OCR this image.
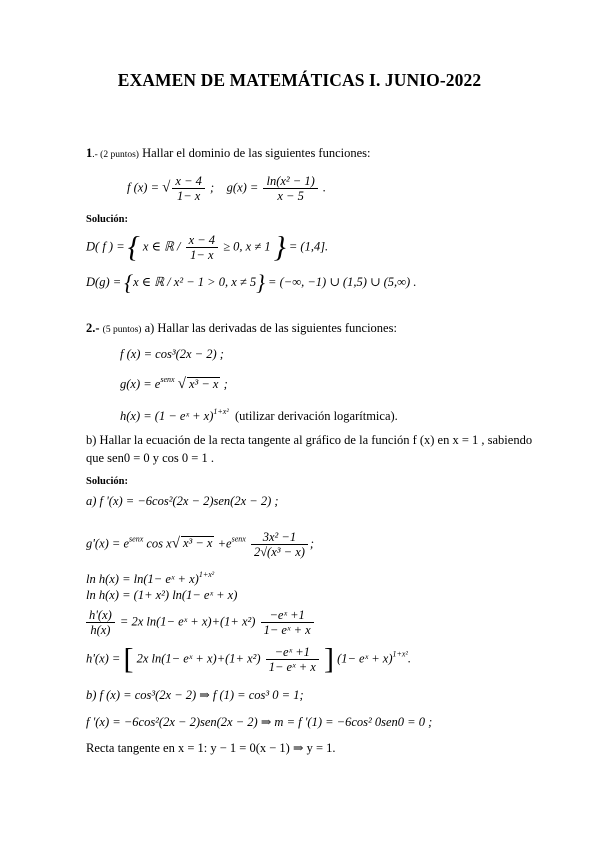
EXAMEN DE MATEMÁTICAS I. JUNIO-2022
1.- (2 puntos) Hallar el dominio de las siguientes funciones:
f (x) = √ $\frac{x - 4}{1- x}$ ; $g(x) = \frac{\text{ln(x² − 1)}}{x - 5}$ .
Solución:
D( f ) = { x ∈ ℝ / $\frac{x - 4}{1- x} \ge 0$, x ≠ 1 } = (1,4].
D(g) = {x ∈ ℝ / x² − 1 > 0, x ≠ 5} = (−∞, −1) ∪ (1,5) ∪ (5,∞) .
2.- (5 puntos) a) Hallar las derivadas de las siguientes funciones:
f (x) = cos³(2x − 2) ;
$g(x) = e^{senx}$ √ x³ − x ;
h(x) = (1 − eˣ + x)$^{1+x^2}$ (utilizar derivación logarítmica).
b) Hallar la ecuación de la recta tangente al gráfico de la función f (x) en x = 1 , sabiendo
que sen0 = 0 y cos 0 = 1 .
Solución:
a) f '(x) = −6cos²(2x − 2)sen(2x − 2) ;
$g'(x) = e^{senx}$ cos x√ $x^3 - x +e^{senx} \frac{\text{3x² −1}}{\text{2√(x³ − x)}}$ ;
ln h(x) = ln(1− eˣ + x)$^{1+x^2}$
ln h(x) = (1+ x²) ln(1− eˣ + x)
$\frac{h'(x)}{h(x)} = 2x$ ln(1− eˣ + $x)+(1+ x^2) \frac{\text{−eˣ +1}}{\text{1− eˣ + x}}$
h'(x) = [ 2x ln(1− eˣ + $x)+(1+ x^2) \frac{\text{−eˣ +1}}{\text{1− eˣ + x}}$ ] (1− eˣ + x)$^{1+x^2}$.
b) f (x) = cos³(2x − 2) ⇒ f (1) = cos³ 0 = 1;
f '(x) = −6cos²(2x − 2)sen(2x − 2) ⇒ m = f '(1) = −6cos² 0sen0 = 0 ;
Recta tangente en x = 1: y − 1 = 0(x − 1) ⇒ y = 1.
